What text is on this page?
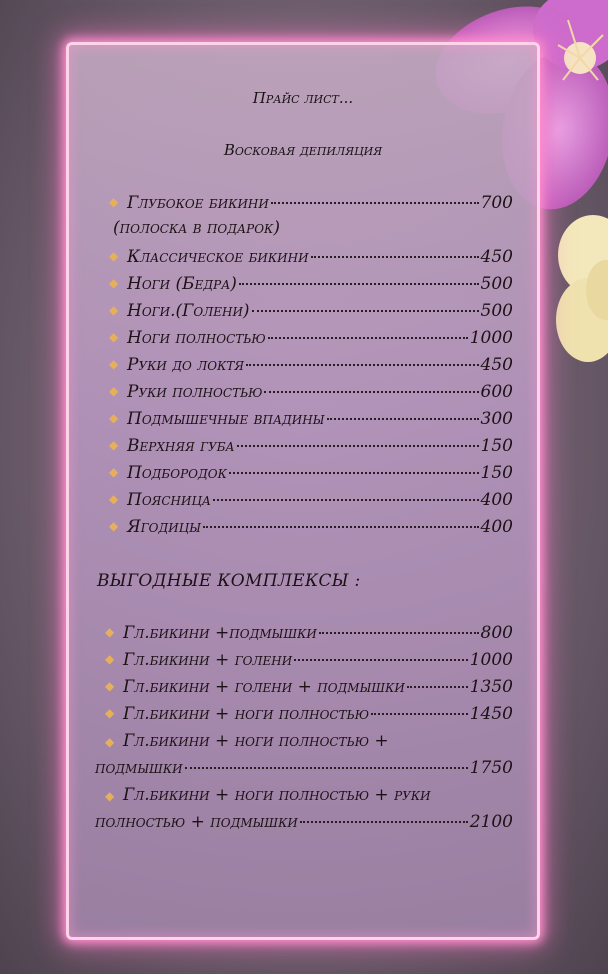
Прайс лист...
Восковая депиляция
◆ Глубокое бикини	700
(полоска в подарок)
◆ Классическое бикини	450
◆ Ноги (Бедра)	500
◆ Ноги.(Голени)	500
◆ Ноги полностью	1000
◆ Руки до локтя	450
◆ Руки полностью	600
◆ Подмышечные впадины	300
◆ Верхняя губа	150
◆ Подбородок	150
◆ Поясница	400
◆ Ягодицы	400
ВЫГОДНЫЕ КОМПЛЕКСЫ :
◆ Гл.бикини +подмышки	800
◆ Гл.бикини + голени	1000
◆ Гл.бикини + голени + подмышки	1350
◆ Гл.бикини + ноги полностью	1450
◆ Гл.бикини + ноги полностью +
подмышки	1750
◆ Гл.бикини + ноги полностью + руки
полностью + подмышки	2100
